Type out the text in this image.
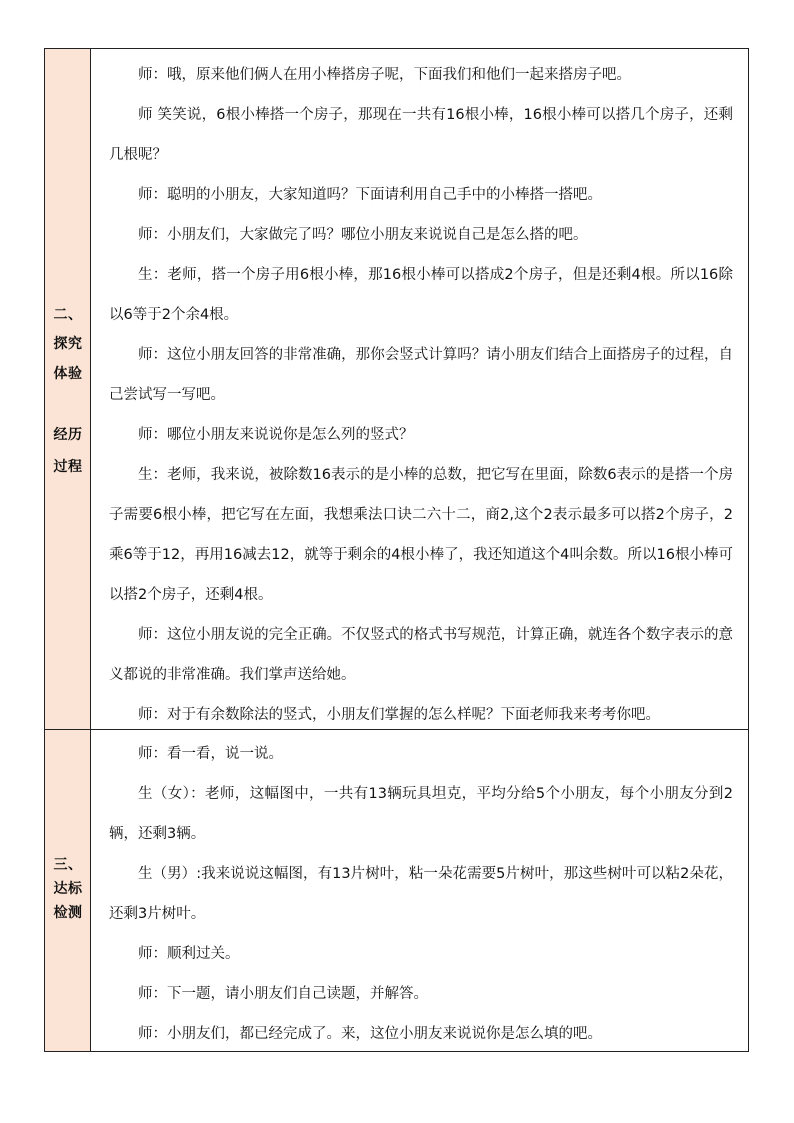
二、
探究
体验
经历
过程

师：哦，原来他们俩人在用小棒搭房子呢，下面我们和他们一起来搭房子吧。

师 笑笑说，6根小棒搭一个房子，那现在一共有16根小棒，16根小棒可以搭几个房子，还剩几根呢？

师：聪明的小朋友，大家知道吗？下面请利用自己手中的小棒搭一搭吧。

师：小朋友们，大家做完了吗？哪位小朋友来说说自己是怎么搭的吧。

生：老师，搭一个房子用6根小棒，那16根小棒可以搭成2个房子，但是还剩4根。所以16除以6等于2个余4根。

师：这位小朋友回答的非常准确，那你会竖式计算吗？请小朋友们结合上面搭房子的过程，自己尝试写一写吧。

师：哪位小朋友来说说你是怎么列的竖式？

生：老师，我来说，被除数16表示的是小棒的总数，把它写在里面，除数6表示的是搭一个房子需要6根小棒，把它写在左面，我想乘法口诀二六十二，商2,这个2表示最多可以搭2个房子，2乘6等于12，再用16减去12，就等于剩余的4根小棒了，我还知道这个4叫余数。所以16根小棒可以搭2个房子，还剩4根。

师：这位小朋友说的完全正确。不仅竖式的格式书写规范，计算正确，就连各个数字表示的意义都说的非常准确。我们掌声送给她。

师：对于有余数除法的竖式，小朋友们掌握的怎么样呢？下面老师我来考考你吧。

三、
达标
检测

师：看一看，说一说。

生（女）：老师，这幅图中，一共有13辆玩具坦克，平均分给5个小朋友，每个小朋友分到2辆，还剩3辆。

生（男）:我来说说这幅图，有13片树叶，粘一朵花需要5片树叶，那这些树叶可以粘2朵花，还剩3片树叶。

师：顺利过关。

师：下一题，请小朋友们自己读题，并解答。

师：小朋友们，都已经完成了。来，这位小朋友来说说你是怎么填的吧。
